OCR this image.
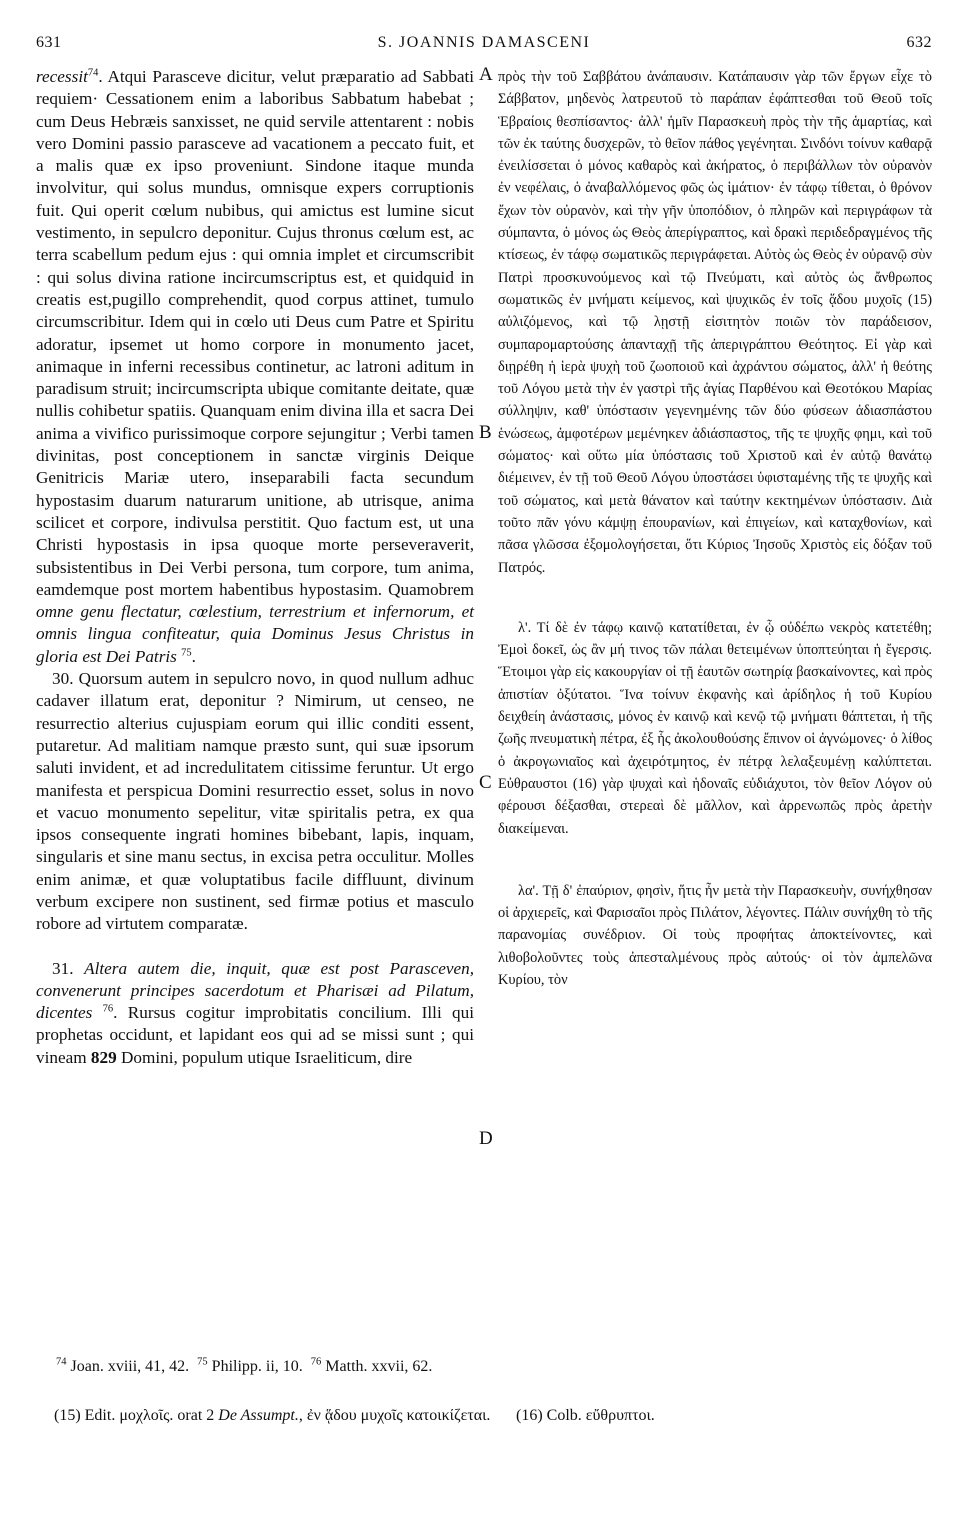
631	S. JOANNIS DAMASCENI	632

recessit$^{74}$. Atqui Parasceve dicitur, velut præparatio ad Sabbati requiem· Cessationem enim a laboribus Sabbatum habebat ; cum Deus Hebræis sanxisset, ne quid servile attentarent : nobis vero Domini passio parasceve ad vacationem a peccato fuit, et a malis quæ ex ipso proveniunt. Sindone itaque munda involvitur, qui solus mundus, omnisque expers corruptionis fuit. Qui operit cœlum nubibus, qui amictus est lumine sicut vestimento, in sepulcro deponitur. Cujus thronus cœlum est, ac terra scabellum pedum ejus : qui omnia implet et circumscribit : qui solus divina ratione incircumscriptus est, et quidquid in creatis est,pugillo comprehendit, quod corpus attinet, tumulo circumscribitur. Idem qui in cœlo uti Deus cum Patre et Spiritu adoratur, ipsemet ut homo corpore in monumento jacet, animaque in inferni recessibus continetur, ac latroni aditum in paradisum struit; incircumscripta ubique comitante deitate, quæ nullis cohibetur spatiis. Quanquam enim divina illa et sacra Dei anima a vivifico purissimoque corpore sejungitur ; Verbi tamen divinitas, post conceptionem in sanctæ virginis Deique Genitricis Mariæ utero, inseparabili facta secundum hypostasim duarum naturarum unitione, ab utrisque, anima scilicet et corpore, indivulsa perstitit. Quo factum est, ut una Christi hypostasis in ipsa quoque morte perseveraverit, subsistentibus in Dei Verbi persona, tum corpore, tum anima, eamdemque post mortem habentibus hypostasim. Quamobrem omne genu flectatur, cœlestium, terrestrium et infernorum, et omnis lingua confiteatur, quia Dominus Jesus Christus in gloria est Dei Patris $^{75}$.

30. Quorsum autem in sepulcro novo, in quod nullum adhuc cadaver illatum erat, deponitur ? Nimirum, ut censeo, ne resurrectio alterius cujuspiam eorum qui illic conditi essent, putaretur. Ad malitiam namque præsto sunt, qui suæ ipsorum saluti invident, et ad incredulitatem citissime feruntur. Ut ergo manifesta et perspicua Domini resurrectio esset, solus in novo et vacuo monumento sepelitur, vitæ spiritalis petra, ex qua ipsos consequente ingrati homines bibebant, lapis, inquam, singularis et sine manu sectus, in excisa petra occulitur. Molles enim animæ, et quæ voluptatibus facile diffluunt, divinum verbum excipere non sustinent, sed firmæ potius et masculo robore ad virtutem comparatæ.

31. Altera autem die, inquit, quæ est post Parasceven, convenerunt principes sacerdotum et Pharisæi ad Pilatum, dicentes $^{76}$. Rursus cogitur improbitatis concilium. Illi qui prophetas occidunt, et lapidant eos qui ad se missi sunt ; qui vineam 829 Domini, populum utique Israeliticum, dire

A
B
C
D

πρὸς τὴν τοῦ Σαββάτου ἀνάπαυσιν. Κατάπαυσιν γὰρ τῶν ἔργων εἶχε τὸ Σάββατον, μηδενὸς λατρευτοῦ τὸ παράπαν ἐφάπτεσθαι τοῦ Θεοῦ τοῖς Ἑβραίοις θεσπίσαντος· ἀλλ' ἡμῖν Παρασκευὴ πρὸς τὴν τῆς ἁμαρτίας, καὶ τῶν ἐκ ταύτης δυσχερῶν, τὸ θεῖον πάθος γεγένηται. Σινδόνι τοίνυν καθαρᾷ ἐνειλίσσεται ὁ μόνος καθαρὸς καὶ ἀκήρατος, ὁ περιβάλλων τὸν οὐρανὸν ἐν νεφέλαις, ὁ ἀναβαλλόμενος φῶς ὡς ἱμάτιον· ἐν τάφῳ τίθεται, ὁ θρόνον ἔχων τὸν οὐρανὸν, καὶ τὴν γῆν ὑποπόδιον, ὁ πληρῶν καὶ περιγράφων τὰ σύμπαντα, ὁ μόνος ὡς Θεὸς ἀπερίγραπτος, καὶ δρακὶ περιδεδραγμένος τῆς κτίσεως, ἐν τάφῳ σωματικῶς περιγράφεται. Αὐτὸς ὡς Θεὸς ἐν οὐρανῷ σὺν Πατρὶ προσκυνούμενος καὶ τῷ Πνεύματι, καὶ αὐτὸς ὡς ἄνθρωπος σωματικῶς ἐν μνήματι κείμενος, καὶ ψυχικῶς ἐν τοῖς ᾅδου μυχοῖς (15) αὐλιζόμενος, καὶ τῷ λῃστῇ εἰσιτητὸν ποιῶν τὸν παράδεισον, συμπαρομαρτούσης ἁπανταχῇ τῆς ἀπεριγράπτου Θεότητος. Εἰ γὰρ καὶ διῃρέθη ἡ ἱερὰ ψυχὴ τοῦ ζωοποιοῦ καὶ ἀχράντου σώματος, ἀλλ' ἡ θεότης τοῦ Λόγου μετὰ τὴν ἐν γαστρὶ τῆς ἁγίας Παρθένου καὶ Θεοτόκου Μαρίας σύλληψιν, καθ' ὑπόστασιν γεγενημένης τῶν δύο φύσεων ἀδιασπάστου ἑνώσεως, ἀμφοτέρων μεμένηκεν ἀδιάσπαστος, τῆς τε ψυχῆς φημι, καὶ τοῦ σώματος· καὶ οὕτω μία ὑπόστασις τοῦ Χριστοῦ καὶ ἐν αὐτῷ θανάτῳ διέμεινεν, ἐν τῇ τοῦ Θεοῦ Λόγου ὑποστάσει ὑφισταμένης τῆς τε ψυχῆς καὶ τοῦ σώματος, καὶ μετὰ θάνατον καὶ ταύτην κεκτημένων ὑπόστασιν. Διὰ τοῦτο πᾶν γόνυ κάμψῃ ἐπουρανίων, καὶ ἐπιγείων, καὶ καταχθονίων, καὶ πᾶσα γλῶσσα ἐξομολογήσεται, ὅτι Κύριος Ἰησοῦς Χριστὸς εἰς δόξαν τοῦ Πατρός.

λ'. Τί δὲ ἐν τάφῳ καινῷ κατατίθεται, ἐν ᾧ οὐδέπω νεκρὸς κατετέθη; Ἐμοὶ δοκεῖ, ὡς ἂν μή τινος τῶν πάλαι θετειμένων ὑποπτεύηται ἡ ἔγερσις. Ἕτοιμοι γὰρ εἰς κακουργίαν οἱ τῇ ἑαυτῶν σωτηρίᾳ βασκαίνοντες, καὶ πρὸς ἀπιστίαν ὀξύτατοι. Ἵνα τοίνυν ἐκφανὴς καὶ ἀρίδηλος ἡ τοῦ Κυρίου δειχθείη ἀνάστασις, μόνος ἐν καινῷ καὶ κενῷ τῷ μνήματι θάπτεται, ἡ τῆς ζωῆς πνευματικὴ πέτρα, ἐξ ἧς ἀκολουθούσης ἔπινον οἱ ἀγνώμονες· ὁ λίθος ὁ ἀκρογωνιαῖος καὶ ἀχειρότμητος, ἐν πέτρᾳ λελαξευμένῃ καλύπτεται. Εὐθραυστοι (16) γὰρ ψυχαὶ καὶ ἡδοναῖς εὐδιάχυτοι, τὸν θεῖον Λόγον οὐ φέρουσι δέξασθαι, στερεαὶ δὲ μᾶλλον, καὶ ἀρρενωπῶς πρὸς ἀρετὴν διακείμεναι.

λα'. Τῇ δ' ἐπαύριον, φησὶν, ἥτις ἦν μετὰ τὴν Παρασκευὴν, συνήχθησαν οἱ ἀρχιερεῖς, καὶ Φαρισαῖοι πρὸς Πιλάτον, λέγοντες. Πάλιν συνήχθη τὸ τῆς παρανομίας συνέδριον. Οἱ τοὺς προφήτας ἀποκτείνοντες, καὶ λιθοβολοῦντες τοὺς ἀπεσταλμένους πρὸς αὐτούς· οἱ τὸν ἀμπελῶνα Κυρίου, τὸν

$^{74}$ Joan. xviii, 41, 42. $^{75}$ Philipp. ii, 10. $^{76}$ Matth. xxvii, 62.
(15) Edit. μοχλοῖς. orat 2 De Assumpt., ἐν ᾅδου μυχοῖς κατοικίζεται. (16) Colb. εὔθρυπτοι.
